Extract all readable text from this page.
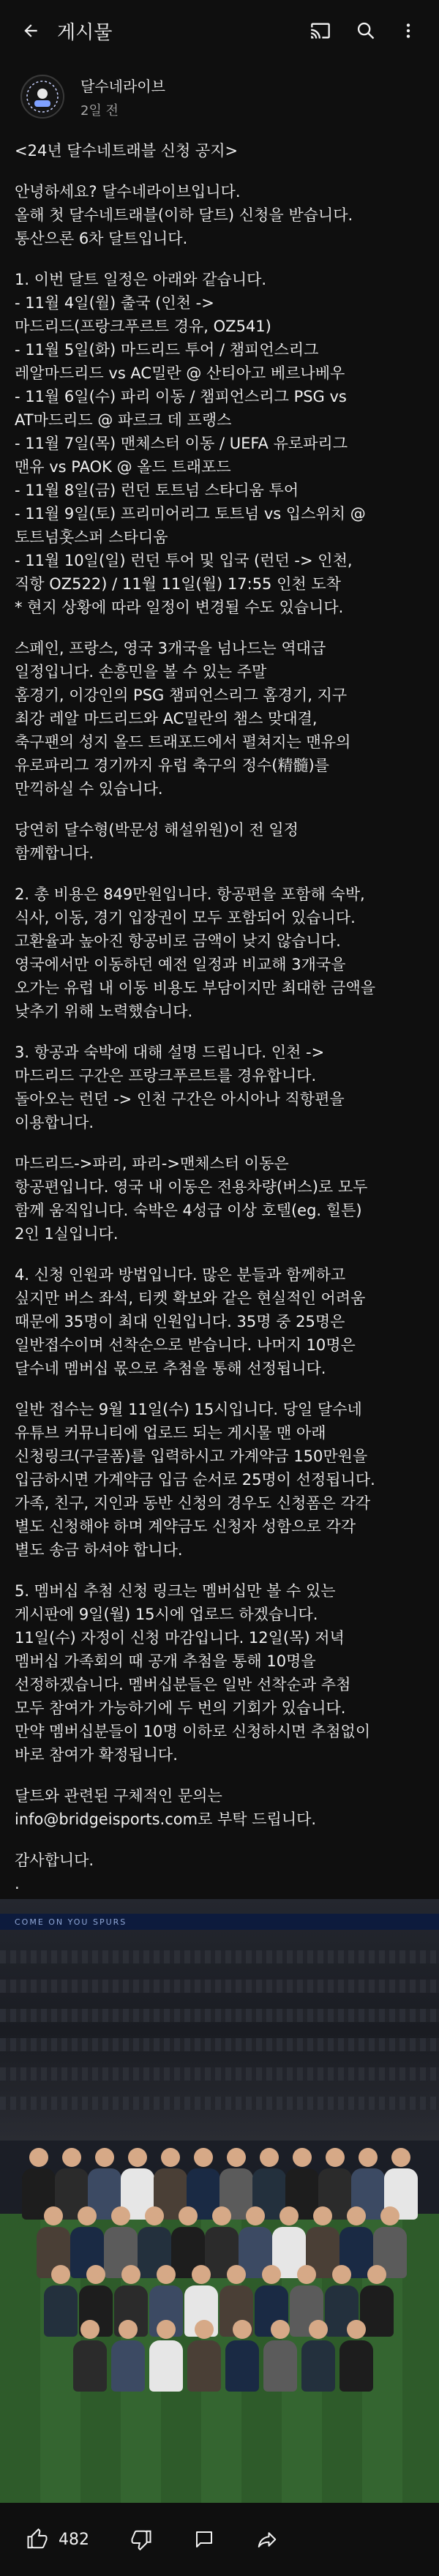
게시물
달수네라이브
2일 전

<24년 달수네트래블 신청 공지>

안녕하세요? 달수네라이브입니다.

올해 첫 달수네트래블(이하 달트) 신청을 받습니다.

통산으론 6차 달트입니다.

1. 이번 달트 일정은 아래와 같습니다.

- 11월 4일(월) 출국 (인천 ->

마드리드(프랑크푸르트 경유, OZ541)

- 11월 5일(화) 마드리드 투어 / 챔피언스리그

레알마드리드 vs AC밀란 @ 산티아고 베르나베우

- 11월 6일(수) 파리 이동 / 챔피언스리그 PSG vs

AT마드리드 @ 파르크 데 프랭스

- 11월 7일(목) 맨체스터 이동 / UEFA 유로파리그

맨유 vs PAOK @ 올드 트래포드

- 11월 8일(금) 런던 토트넘 스타디움 투어

- 11월 9일(토) 프리미어리그 토트넘 vs 입스위치 @

토트넘홋스퍼 스타디움

- 11월 10일(일) 런던 투어 및 입국 (런던 -> 인천,

직항 OZ522) / 11월 11일(월) 17:55 인천 도착

* 현지 상황에 따라 일정이 변경될 수도 있습니다.

스페인, 프랑스, 영국 3개국을 넘나드는 역대급

일정입니다. 손흥민을 볼 수 있는 주말

홈경기, 이강인의 PSG 챔피언스리그 홈경기, 지구

최강 레알 마드리드와 AC밀란의 챔스 맞대결,

축구팬의 성지 올드 트래포드에서 펼쳐지는 맨유의

유로파리그 경기까지 유럽 축구의 정수(精髓)를

만끽하실 수 있습니다.

당연히 달수형(박문성 해설위원)이 전 일정

함께합니다.

2. 총 비용은 849만원입니다. 항공편을 포함해 숙박,

식사, 이동, 경기 입장권이 모두 포함되어 있습니다.

고환율과 높아진 항공비로 금액이 낮지 않습니다.

영국에서만 이동하던 예전 일정과 비교해 3개국을

오가는 유럽 내 이동 비용도 부담이지만 최대한 금액을

낮추기 위해 노력했습니다.

3. 항공과 숙박에 대해 설명 드립니다. 인천 ->

마드리드 구간은 프랑크푸르트를 경유합니다.

돌아오는 런던 -> 인천 구간은 아시아나 직항편을

이용합니다.

마드리드->파리, 파리->맨체스터 이동은

항공편입니다. 영국 내 이동은 전용차량(버스)로 모두

함께 움직입니다. 숙박은 4성급 이상 호텔(eg. 힐튼)

2인 1실입니다.

4. 신청 인원과 방법입니다. 많은 분들과 함께하고

싶지만 버스 좌석, 티켓 확보와 같은 현실적인 어려움

때문에 35명이 최대 인원입니다. 35명 중 25명은

일반접수이며 선착순으로 받습니다. 나머지 10명은

달수네 멤버십 몫으로 추첨을 통해 선정됩니다.

일반 접수는 9월 11일(수) 15시입니다. 당일 달수네

유튜브 커뮤니티에 업로드 되는 게시물 맨 아래

신청링크(구글폼)를 입력하시고 가계약금 150만원을

입금하시면 가계약금 입금 순서로 25명이 선정됩니다.

가족, 친구, 지인과 동반 신청의 경우도 신청폼은 각각

별도 신청해야 하며 계약금도 신청자 성함으로 각각

별도 송금 하셔야 합니다.

5. 멤버십 추첨 신청 링크는 멤버십만 볼 수 있는

게시판에 9일(월) 15시에 업로드 하겠습니다.

11일(수) 자정이 신청 마감입니다. 12일(목) 저녁

멤버십 가족회의 때 공개 추첨을 통해 10명을

선정하겠습니다. 멤버십분들은 일반 선착순과 추첨

모두 참여가 가능하기에 두 번의 기회가 있습니다.

만약 멤버십분들이 10명 이하로 신청하시면 추첨없이

바로 참여가 확정됩니다.

달트와 관련된 구체적인 문의는

info@bridgeisports.com로 부탁 드립니다.

감사합니다.

.

COME ON YOU SPURS
482
